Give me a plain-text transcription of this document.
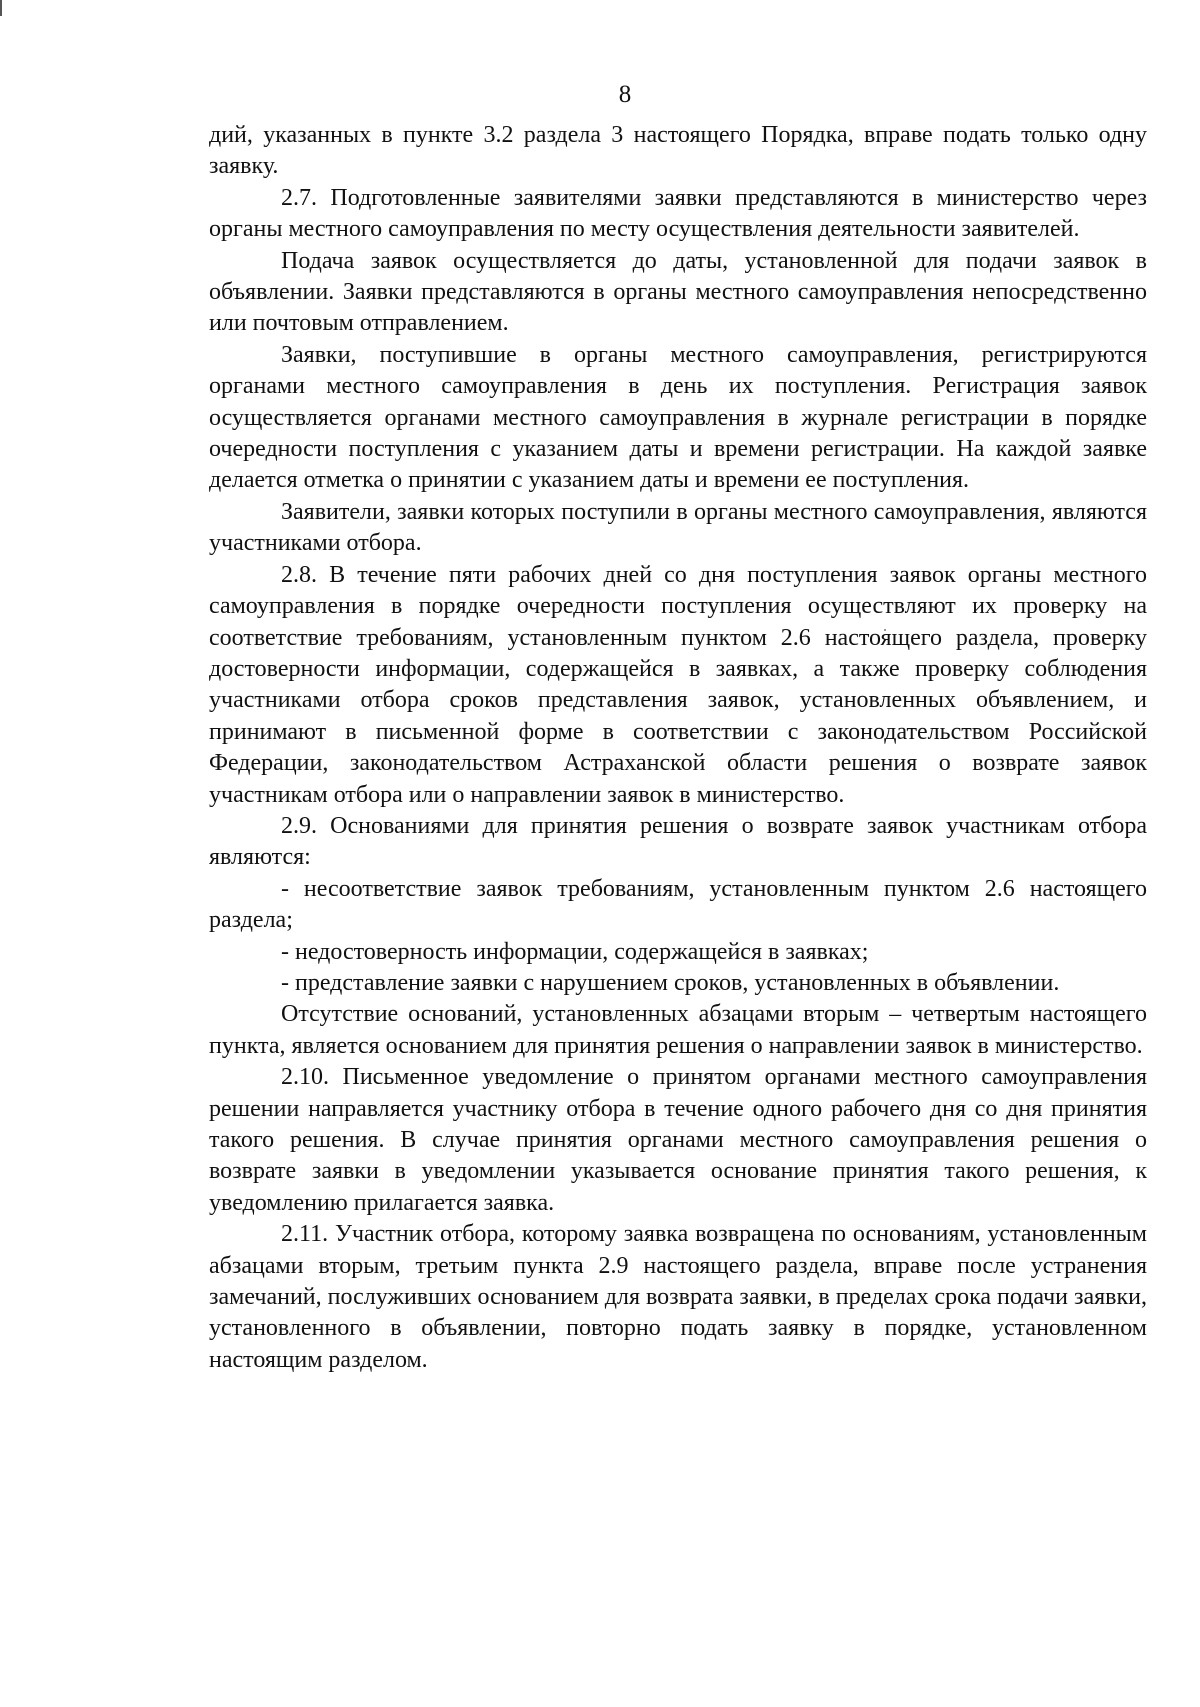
8

дий, указанных в пункте 3.2 раздела 3 настоящего Порядка, вправе подать только одну заявку.

2.7. Подготовленные заявителями заявки представляются в министерство через органы местного самоуправления по месту осуществления деятельности заявителей.

Подача заявок осуществляется до даты, установленной для подачи заявок в объявлении. Заявки представляются в органы местного самоуправления непосредственно или почтовым отправлением.

Заявки, поступившие в органы местного самоуправления, регистрируются органами местного самоуправления в день их поступления. Регистрация заявок осуществляется органами местного самоуправления в журнале регистрации в порядке очередности поступления с указанием даты и времени регистрации. На каждой заявке делается отметка о принятии с указанием даты и времени ее поступления.

Заявители, заявки которых поступили в органы местного самоуправления, являются участниками отбора.

2.8. В течение пяти рабочих дней со дня поступления заявок органы местного самоуправления в порядке очередности поступления осуществляют их проверку на соответствие требованиям, установленным пунктом 2.6 настоящего раздела, проверку достоверности информации, содержащейся в заявках, а также проверку соблюдения участниками отбора сроков представления заявок, установленных объявлением, и принимают в письменной форме в соответствии с законодательством Российской Федерации, законодательством Астраханской области решения о возврате заявок участникам отбора или о направлении заявок в министерство.

2.9. Основаниями для принятия решения о возврате заявок участникам отбора являются:

- несоответствие заявок требованиям, установленным пунктом 2.6 настоящего раздела;

- недостоверность информации, содержащейся в заявках;

- представление заявки с нарушением сроков, установленных в объявлении.

Отсутствие оснований, установленных абзацами вторым – четвертым настоящего пункта, является основанием для принятия решения о направлении заявок в министерство.

2.10. Письменное уведомление о принятом органами местного самоуправления решении направляется участнику отбора в течение одного рабочего дня со дня принятия такого решения. В случае принятия органами местного самоуправления решения о возврате заявки в уведомлении указывается основание принятия такого решения, к уведомлению прилагается заявка.

2.11. Участник отбора, которому заявка возвращена по основаниям, установленным абзацами вторым, третьим пункта 2.9 настоящего раздела, вправе после устранения замечаний, послуживших основанием для возврата заявки, в пределах срока подачи заявки, установленного в объявлении, повторно подать заявку в порядке, установленном настоящим разделом.
